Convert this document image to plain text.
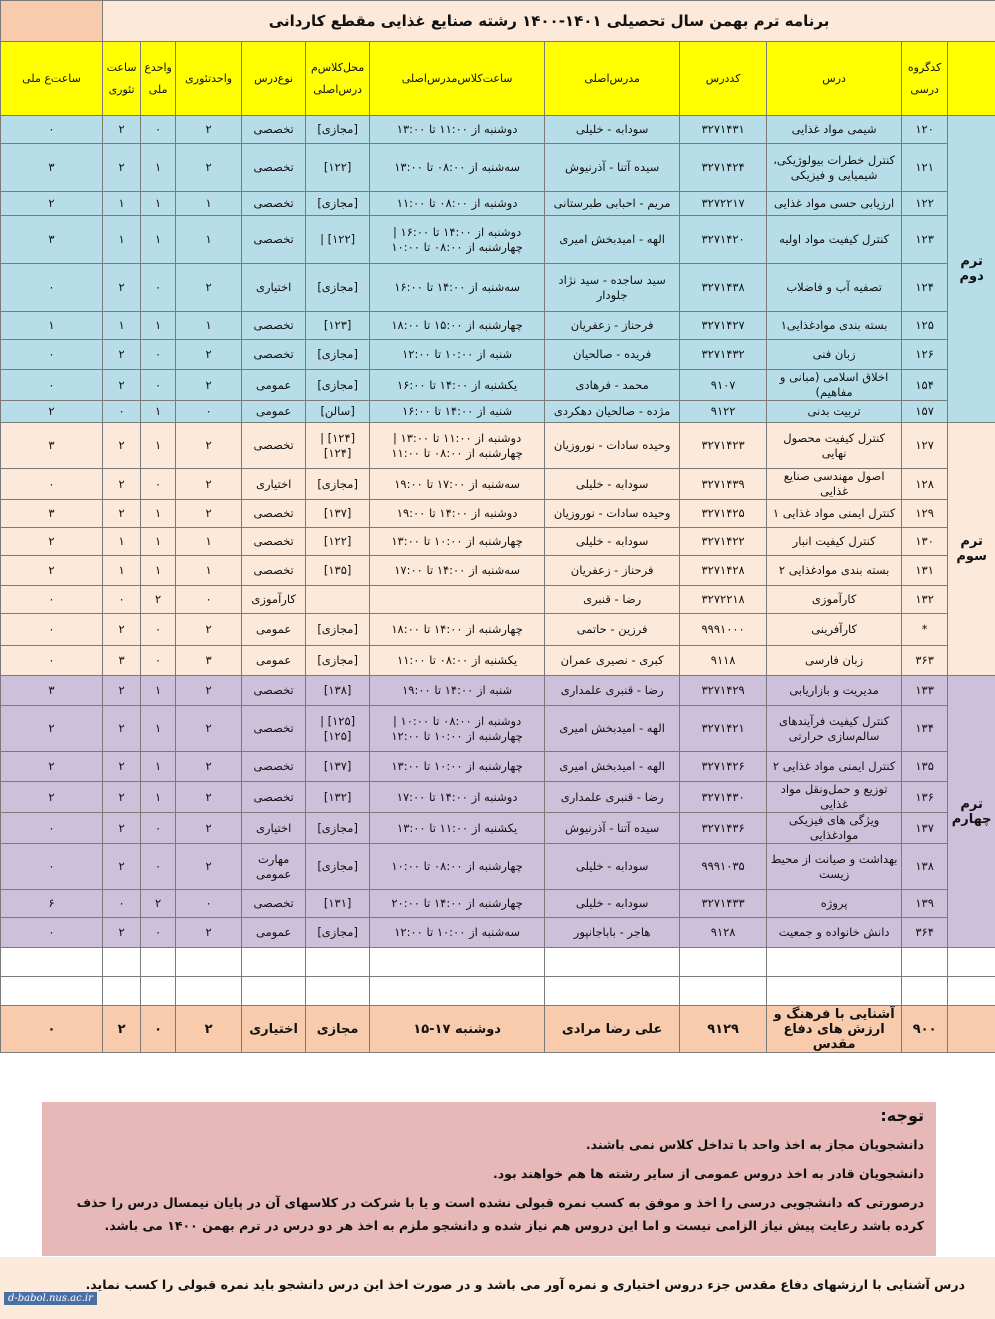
برنامه ترم بهمن سال تحصیلی ۱۴۰۱-۱۴۰۰ رشته صنایع غذایی مقطع کاردانی											
	کدگروه درسی	درس	کددرس	مدرس‌اصلی	ساعت‌کلاس‌مدرس‌اصلی	محل‌کلاس‌م درس‌اصلی	نوع‌درس	واحدتئوری	واحدع ملی	ساعت تئوری	ساعت‌ع ملی
ترم دوم	۱۲۰	شیمی مواد غذایی	۳۲۷۱۴۳۱	سودابه - خلیلی	دوشنبه از ۱۱:۰۰ تا ۱۳:۰۰	[مجازی]	تخصصی	۲	۰	۲	۰
	۱۲۱	کنترل خطرات بیولوژیکی، شیمیایی و فیزیکی	۳۲۷۱۴۲۴	سیده آتنا - آذرنیوش	سه‌شنبه از ۰۸:۰۰ تا ۱۳:۰۰	[۱۲۲]	تخصصی	۲	۱	۲	۳
	۱۲۲	ارزیابی حسی مواد غذایی	۳۲۷۲۲۱۷	مریم - احبابی طبرستانی	دوشنبه از ۰۸:۰۰ تا ۱۱:۰۰	[مجازی]	تخصصی	۱	۱	۱	۲
	۱۲۳	کنترل کیفیت مواد اولیه	۳۲۷۱۴۲۰	الهه - امیدبخش امیری	دوشنبه از ۱۴:۰۰ تا ۱۶:۰۰ | چهارشنبه از ۰۸:۰۰ تا ۱۰:۰۰	[۱۲۲] |	تخصصی	۱	۱	۱	۳
	۱۲۴	تصفیه آب و فاضلاب	۳۲۷۱۴۳۸	سید ساجده - سید نژاد جلودار	سه‌شنبه از ۱۴:۰۰ تا ۱۶:۰۰	[مجازی]	اختیاری	۲	۰	۲	۰
	۱۲۵	بسته بندی موادغذایی۱	۳۲۷۱۴۲۷	فرحناز - زعفریان	چهارشنبه از ۱۵:۰۰ تا ۱۸:۰۰	[۱۲۳]	تخصصی	۱	۱	۱	۱
	۱۲۶	زبان فنی	۳۲۷۱۴۳۲	فریده - صالحیان	شنبه از ۱۰:۰۰ تا ۱۲:۰۰	[مجازی]	تخصصی	۲	۰	۲	۰
	۱۵۴	اخلاق اسلامی (مبانی و مفاهیم)	۹۱۰۷	محمد - فرهادی	یکشنبه از ۱۴:۰۰ تا ۱۶:۰۰	[مجازی]	عمومی	۲	۰	۲	۰
	۱۵۷	تربیت بدنی	۹۱۲۲	مژده - صالحیان دهکردی	شنبه از ۱۴:۰۰ تا ۱۶:۰۰	[سالن]	عمومی	۰	۱	۰	۲
ترم سوم	۱۲۷	کنترل کیفیت محصول نهایی	۳۲۷۱۴۲۳	وحیده سادات - نوروزیان	دوشنبه از ۱۱:۰۰ تا ۱۳:۰۰ | چهارشنبه از ۰۸:۰۰ تا ۱۱:۰۰	[۱۲۴] | [۱۲۴]	تخصصی	۲	۱	۲	۳
	۱۲۸	اصول مهندسی صنایع غذایی	۳۲۷۱۴۳۹	سودابه - خلیلی	سه‌شنبه از ۱۷:۰۰ تا ۱۹:۰۰	[مجازی]	اختیاری	۲	۰	۲	۰
	۱۲۹	کنترل ایمنی مواد غذایی ۱	۳۲۷۱۴۲۵	وحیده سادات - نوروزیان	دوشنبه از ۱۴:۰۰ تا ۱۹:۰۰	[۱۳۷]	تخصصی	۲	۱	۲	۳
	۱۳۰	کنترل کیفیت انبار	۳۲۷۱۴۲۲	سودابه - خلیلی	چهارشنبه از ۱۰:۰۰ تا ۱۳:۰۰	[۱۲۲]	تخصصی	۱	۱	۱	۲
	۱۳۱	بسته بندی موادغذایی ۲	۳۲۷۱۴۲۸	فرحناز - زعفریان	سه‌شنبه از ۱۴:۰۰ تا ۱۷:۰۰	[۱۳۵]	تخصصی	۱	۱	۱	۲
	۱۳۲	کارآموزی	۳۲۷۲۲۱۸	رضا - قنبری			کارآموزی	۰	۲	۰	۰
	*	کارآفرینی	۹۹۹۱۰۰۰	فرزین - حاتمی	چهارشنبه از ۱۴:۰۰ تا ۱۸:۰۰	[مجازی]	عمومی	۲	۰	۲	۰
	۳۶۳	زبان فارسی	۹۱۱۸	کبری - نصیری عمران	یکشنبه از ۰۸:۰۰ تا ۱۱:۰۰	[مجازی]	عمومی	۳	۰	۳	۰
ترم چهارم	۱۳۳	مدیریت و بازاریابی	۳۲۷۱۴۲۹	رضا - قنبری علمداری	شنبه از ۱۴:۰۰ تا ۱۹:۰۰	[۱۳۸]	تخصصی	۲	۱	۲	۳
	۱۳۴	کنترل کیفیت فرآیندهای سالم‌سازی حرارتی	۳۲۷۱۴۲۱	الهه - امیدبخش امیری	دوشنبه از ۰۸:۰۰ تا ۱۰:۰۰ | چهارشنبه از ۱۰:۰۰ تا ۱۲:۰۰	[۱۲۵] | [۱۲۵]	تخصصی	۲	۱	۲	۲
	۱۳۵	کنترل ایمنی مواد غذایی ۲	۳۲۷۱۴۲۶	الهه - امیدبخش امیری	چهارشنبه از ۱۰:۰۰ تا ۱۳:۰۰	[۱۳۷]	تخصصی	۲	۱	۲	۲
	۱۳۶	توزیع و حمل‌ونقل مواد غذایی	۳۲۷۱۴۳۰	رضا - قنبری علمداری	دوشنبه از ۱۴:۰۰ تا ۱۷:۰۰	[۱۳۲]	تخصصی	۲	۱	۲	۲
	۱۳۷	ویژگی های فیزیکی موادغذایی	۳۲۷۱۴۳۶	سیده آتنا - آذرنیوش	یکشنبه از ۱۱:۰۰ تا ۱۳:۰۰	[مجازی]	اختیاری	۲	۰	۲	۰
	۱۳۸	بهداشت و صیانت از محیط زیست	۹۹۹۱۰۳۵	سودابه - خلیلی	چهارشنبه از ۰۸:۰۰ تا ۱۰:۰۰	[مجازی]	مهارت عمومی	۲	۰	۲	۰
	۱۳۹	پروژه	۳۲۷۱۴۳۳	سودابه - خلیلی	چهارشنبه از ۱۴:۰۰ تا ۲۰:۰۰	[۱۳۱]	تخصصی	۰	۲	۰	۶
	۳۶۴	دانش خانواده و جمعیت	۹۱۲۸	هاجر - باباجانپور	سه‌شنبه از ۱۰:۰۰ تا ۱۲:۰۰	[مجازی]	عمومی	۲	۰	۲	۰

	۹۰۰	آشنایی با فرهنگ و ارزش های دفاع مقدس	۹۱۲۹	علی رضا مرادی	دوشنبه ۱۷-۱۵	مجازی	اختیاری	۲	۰	۲	۰
توجه:

دانشجویان مجاز به اخذ واحد با تداخل کلاس نمی باشند.

دانشجویان قادر به اخذ دروس عمومی از سایر رشته ها هم خواهند بود.

درصورتی که دانشجویی درسی را اخذ و موفق به کسب نمره قبولی نشده است و یا با شرکت در کلاسهای آن در پایان نیمسال درس را حذف کرده باشد رعایت پیش نیاز الزامی نیست و اما این دروس هم نیاز شده و دانشجو ملزم به اخذ هر دو درس در ترم بهمن ۱۴۰۰ می باشد.

درس آشنایی با ارزشهای دفاع مقدس جزء دروس اختیاری و نمره آور می باشد و در صورت اخذ این درس دانشجو باید نمره قبولی را کسب نماید.
d-babol.nus.ac.ir
